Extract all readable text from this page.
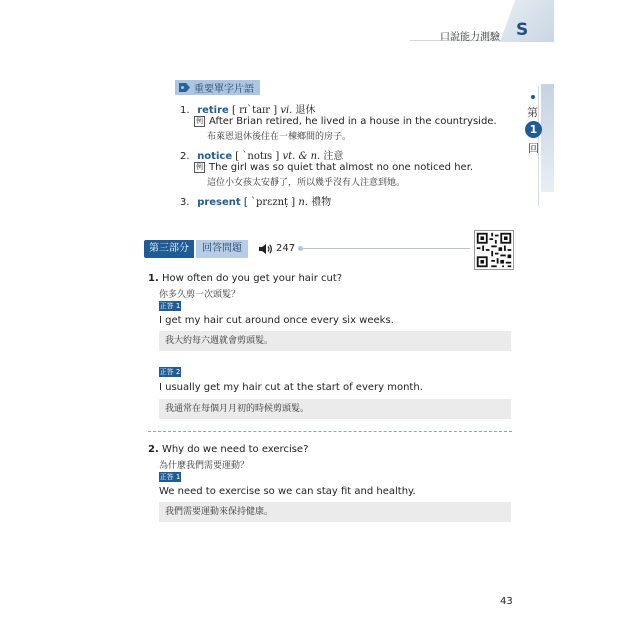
口說能力測驗 S
第
1
回
重要單字片語
1. retire [ rɪˋtaɪr ] vi. 退休
例 After Brian retired, he lived in a house in the countryside.
布萊恩退休後住在一棟鄉間的房子。
2. notice [ ˋnotɪs ] vt. & n. 注意
例 The girl was so quiet that almost no one noticed her.
這位小女孩太安靜了，所以幾乎沒有人注意到她。
3. present [ ˋprɛznṭ ] n. 禮物
第三部分	回答問題	247
1. How often do you get your hair cut?
你多久剪一次頭髮？
正答 1
I get my hair cut around once every six weeks.
我大約每六週就會剪頭髮。
正答 2
I usually get my hair cut at the start of every month.
我通常在每個月月初的時候剪頭髮。
2. Why do we need to exercise?
為什麼我們需要運動？
正答 1
We need to exercise so we can stay fit and healthy.
我們需要運動來保持健康。
43
